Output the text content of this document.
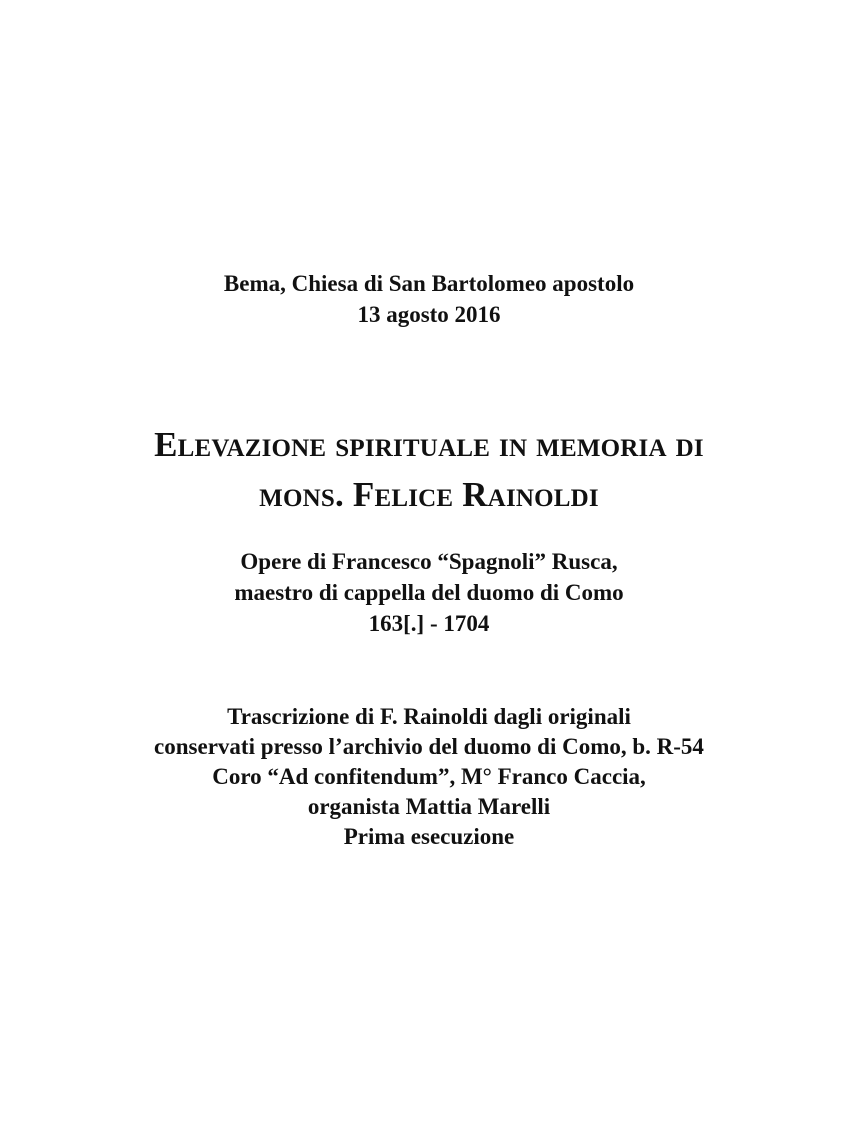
Bema, Chiesa di San Bartolomeo apostolo
13 agosto 2016
Elevazione spirituale in memoria di
mons. Felice Rainoldi
Opere di Francesco “Spagnoli” Rusca,
maestro di cappella del duomo di Como
163[.] - 1704
Trascrizione di F. Rainoldi dagli originali
conservati presso l’archivio del duomo di Como, b. R-54
Coro “Ad confitendum”, M° Franco Caccia,
organista Mattia Marelli
Prima esecuzione
